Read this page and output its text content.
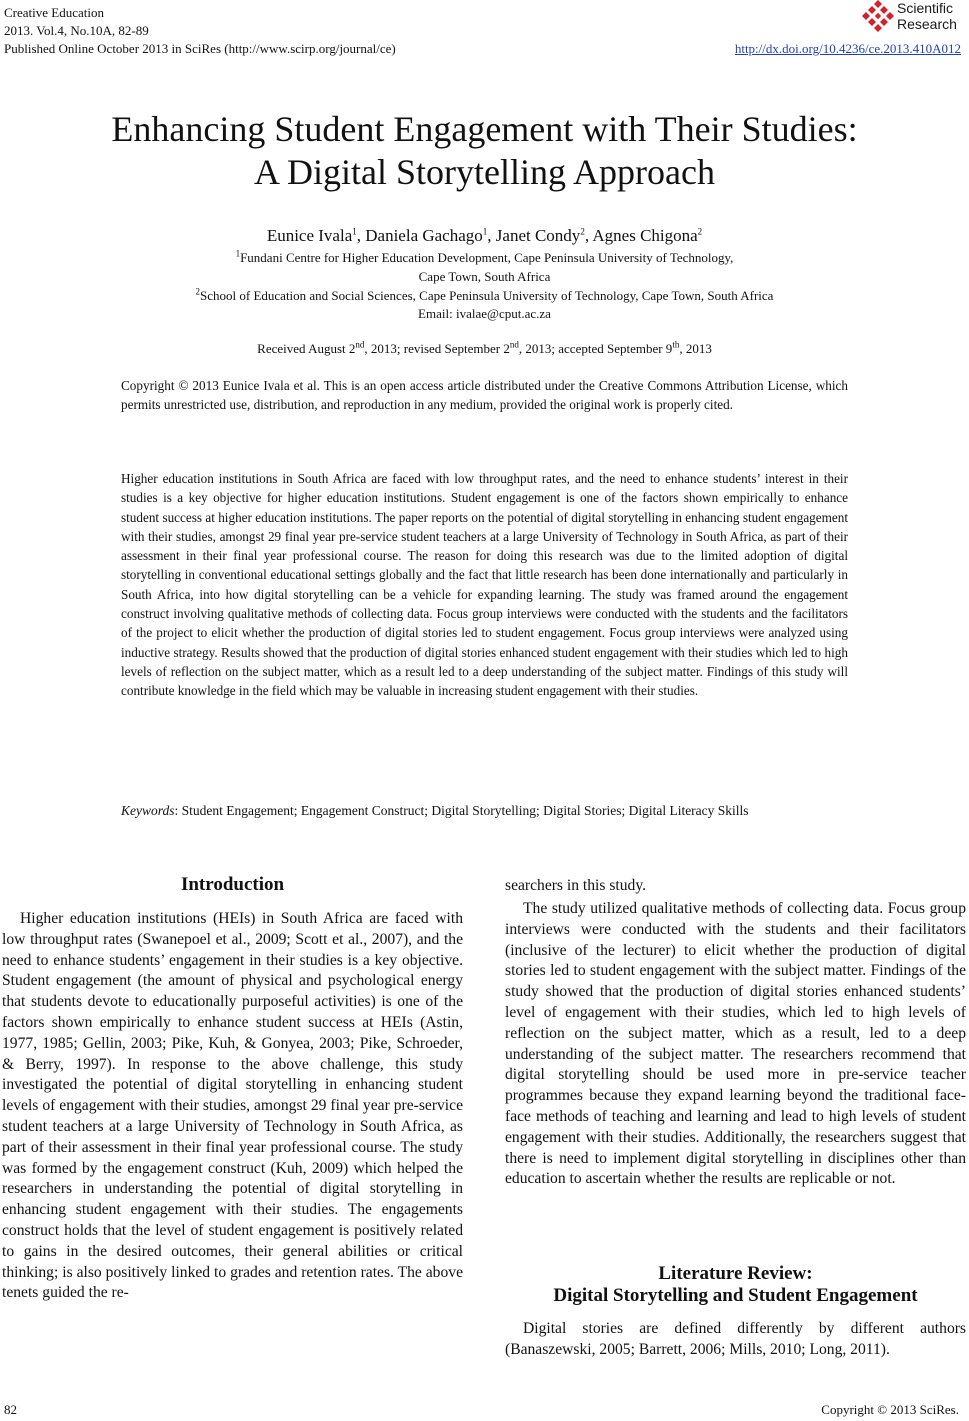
Creative Education
2013. Vol.4, No.10A, 82-89
Published Online October 2013 in SciRes (http://www.scirp.org/journal/ce)	http://dx.doi.org/10.4236/ce.2013.410A012
Scientific
Research
Enhancing Student Engagement with Their Studies:
A Digital Storytelling Approach
Eunice Ivala$^1$, Daniela Gachago$^1$, Janet Condy$^2$, Agnes Chigona$^2$
$^1$Fundani Centre for Higher Education Development, Cape Peninsula University of Technology,
Cape Town, South Africa
$^2$School of Education and Social Sciences, Cape Peninsula University of Technology, Cape Town, South Africa
Email: ivalae@cput.ac.za
Received August 2nd, 2013; revised September 2nd, 2013; accepted September 9th, 2013
Copyright © 2013 Eunice Ivala et al. This is an open access article distributed under the Creative Commons Attribution License, which permits unrestricted use, distribution, and reproduction in any medium, provided the original work is properly cited.
Higher education institutions in South Africa are faced with low throughput rates, and the need to enhance students’ interest in their studies is a key objective for higher education institutions. Student engagement is one of the factors shown empirically to enhance student success at higher education institutions. The paper reports on the potential of digital storytelling in enhancing student engagement with their studies, amongst 29 final year pre-service student teachers at a large University of Technology in South Africa, as part of their assessment in their final year professional course. The reason for doing this research was due to the limited adoption of digital storytelling in conventional educational settings globally and the fact that little research has been done internationally and particularly in South Africa, into how digital storytelling can be a vehicle for expanding learning. The study was framed around the engagement construct involving qualitative methods of collecting data. Focus group interviews were conducted with the students and the facilitators of the project to elicit whether the production of digital stories led to student engagement. Focus group interviews were analyzed using inductive strategy. Results showed that the production of digital stories enhanced student engagement with their studies which led to high levels of reflection on the subject matter, which as a result led to a deep understanding of the subject matter. Findings of this study will contribute knowledge in the field which may be valuable in increasing student engagement with their studies.
Keywords: Student Engagement; Engagement Construct; Digital Storytelling; Digital Stories; Digital Literacy Skills
Introduction
Higher education institutions (HEIs) in South Africa are faced with low throughput rates (Swanepoel et al., 2009; Scott et al., 2007), and the need to enhance students’ engagement in their studies is a key objective. Student engagement (the amount of physical and psychological energy that students devote to educationally purposeful activities) is one of the factors shown empirically to enhance student success at HEIs (Astin, 1977, 1985; Gellin, 2003; Pike, Kuh, & Gonyea, 2003; Pike, Schroeder, & Berry, 1997). In response to the above challenge, this study investigated the potential of digital storytelling in enhancing student levels of engagement with their studies, amongst 29 final year pre-service student teachers at a large University of Technology in South Africa, as part of their assessment in their final year professional course. The study was formed by the engagement construct (Kuh, 2009) which helped the researchers in understanding the potential of digital storytelling in enhancing student engagement with their studies. The engagements construct holds that the level of student engagement is positively related to gains in the desired outcomes, their general abilities or critical thinking; is also positively linked to grades and retention rates. The above tenets guided the re-
searchers in this study.
The study utilized qualitative methods of collecting data. Focus group interviews were conducted with the students and their facilitators (inclusive of the lecturer) to elicit whether the production of digital stories led to student engagement with the subject matter. Findings of the study showed that the production of digital stories enhanced students’ level of engagement with their studies, which led to high levels of reflection on the subject matter, which as a result, led to a deep understanding of the subject matter. The researchers recommend that digital storytelling should be used more in pre-service teacher programmes because they expand learning beyond the traditional face-face methods of teaching and learning and lead to high levels of student engagement with their studies. Additionally, the researchers suggest that there is need to implement digital storytelling in disciplines other than education to ascertain whether the results are replicable or not.
Literature Review:
Digital Storytelling and Student Engagement
Digital stories are defined differently by different authors (Banaszewski, 2005; Barrett, 2006; Mills, 2010; Long, 2011).
82	Copyright © 2013 SciRes.
